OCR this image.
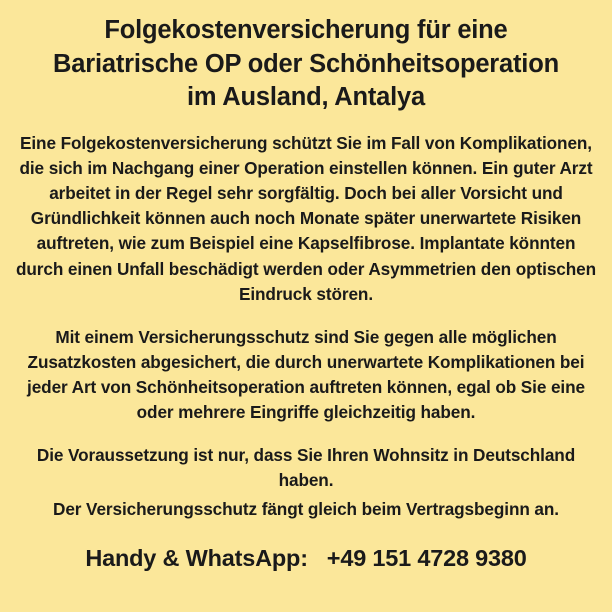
Folgekostenversicherung für eine
Bariatrische OP oder Schönheitsoperation
im Ausland, Antalya

Eine Folgekostenversicherung schützt Sie im Fall von Komplikationen, die sich im Nachgang einer Operation einstellen können. Ein guter Arzt arbeitet in der Regel sehr sorgfältig. Doch bei aller Vorsicht und Gründlichkeit können auch noch Monate später unerwartete Risiken auftreten, wie zum Beispiel eine Kapselfibrose. Implantate könnten durch einen Unfall beschädigt werden oder Asymmetrien den optischen Eindruck stören.

Mit einem Versicherungsschutz sind Sie gegen alle möglichen Zusatzkosten abgesichert, die durch unerwartete Komplikationen bei jeder Art von Schönheitsoperation auftreten können, egal ob Sie eine oder mehrere Eingriffe gleichzeitig haben.

Die Voraussetzung ist nur, dass Sie Ihren Wohnsitz in Deutschland haben.

Der Versicherungsschutz fängt gleich beim Vertragsbeginn an.

Handy & WhatsApp:   +49 151 4728 9380
